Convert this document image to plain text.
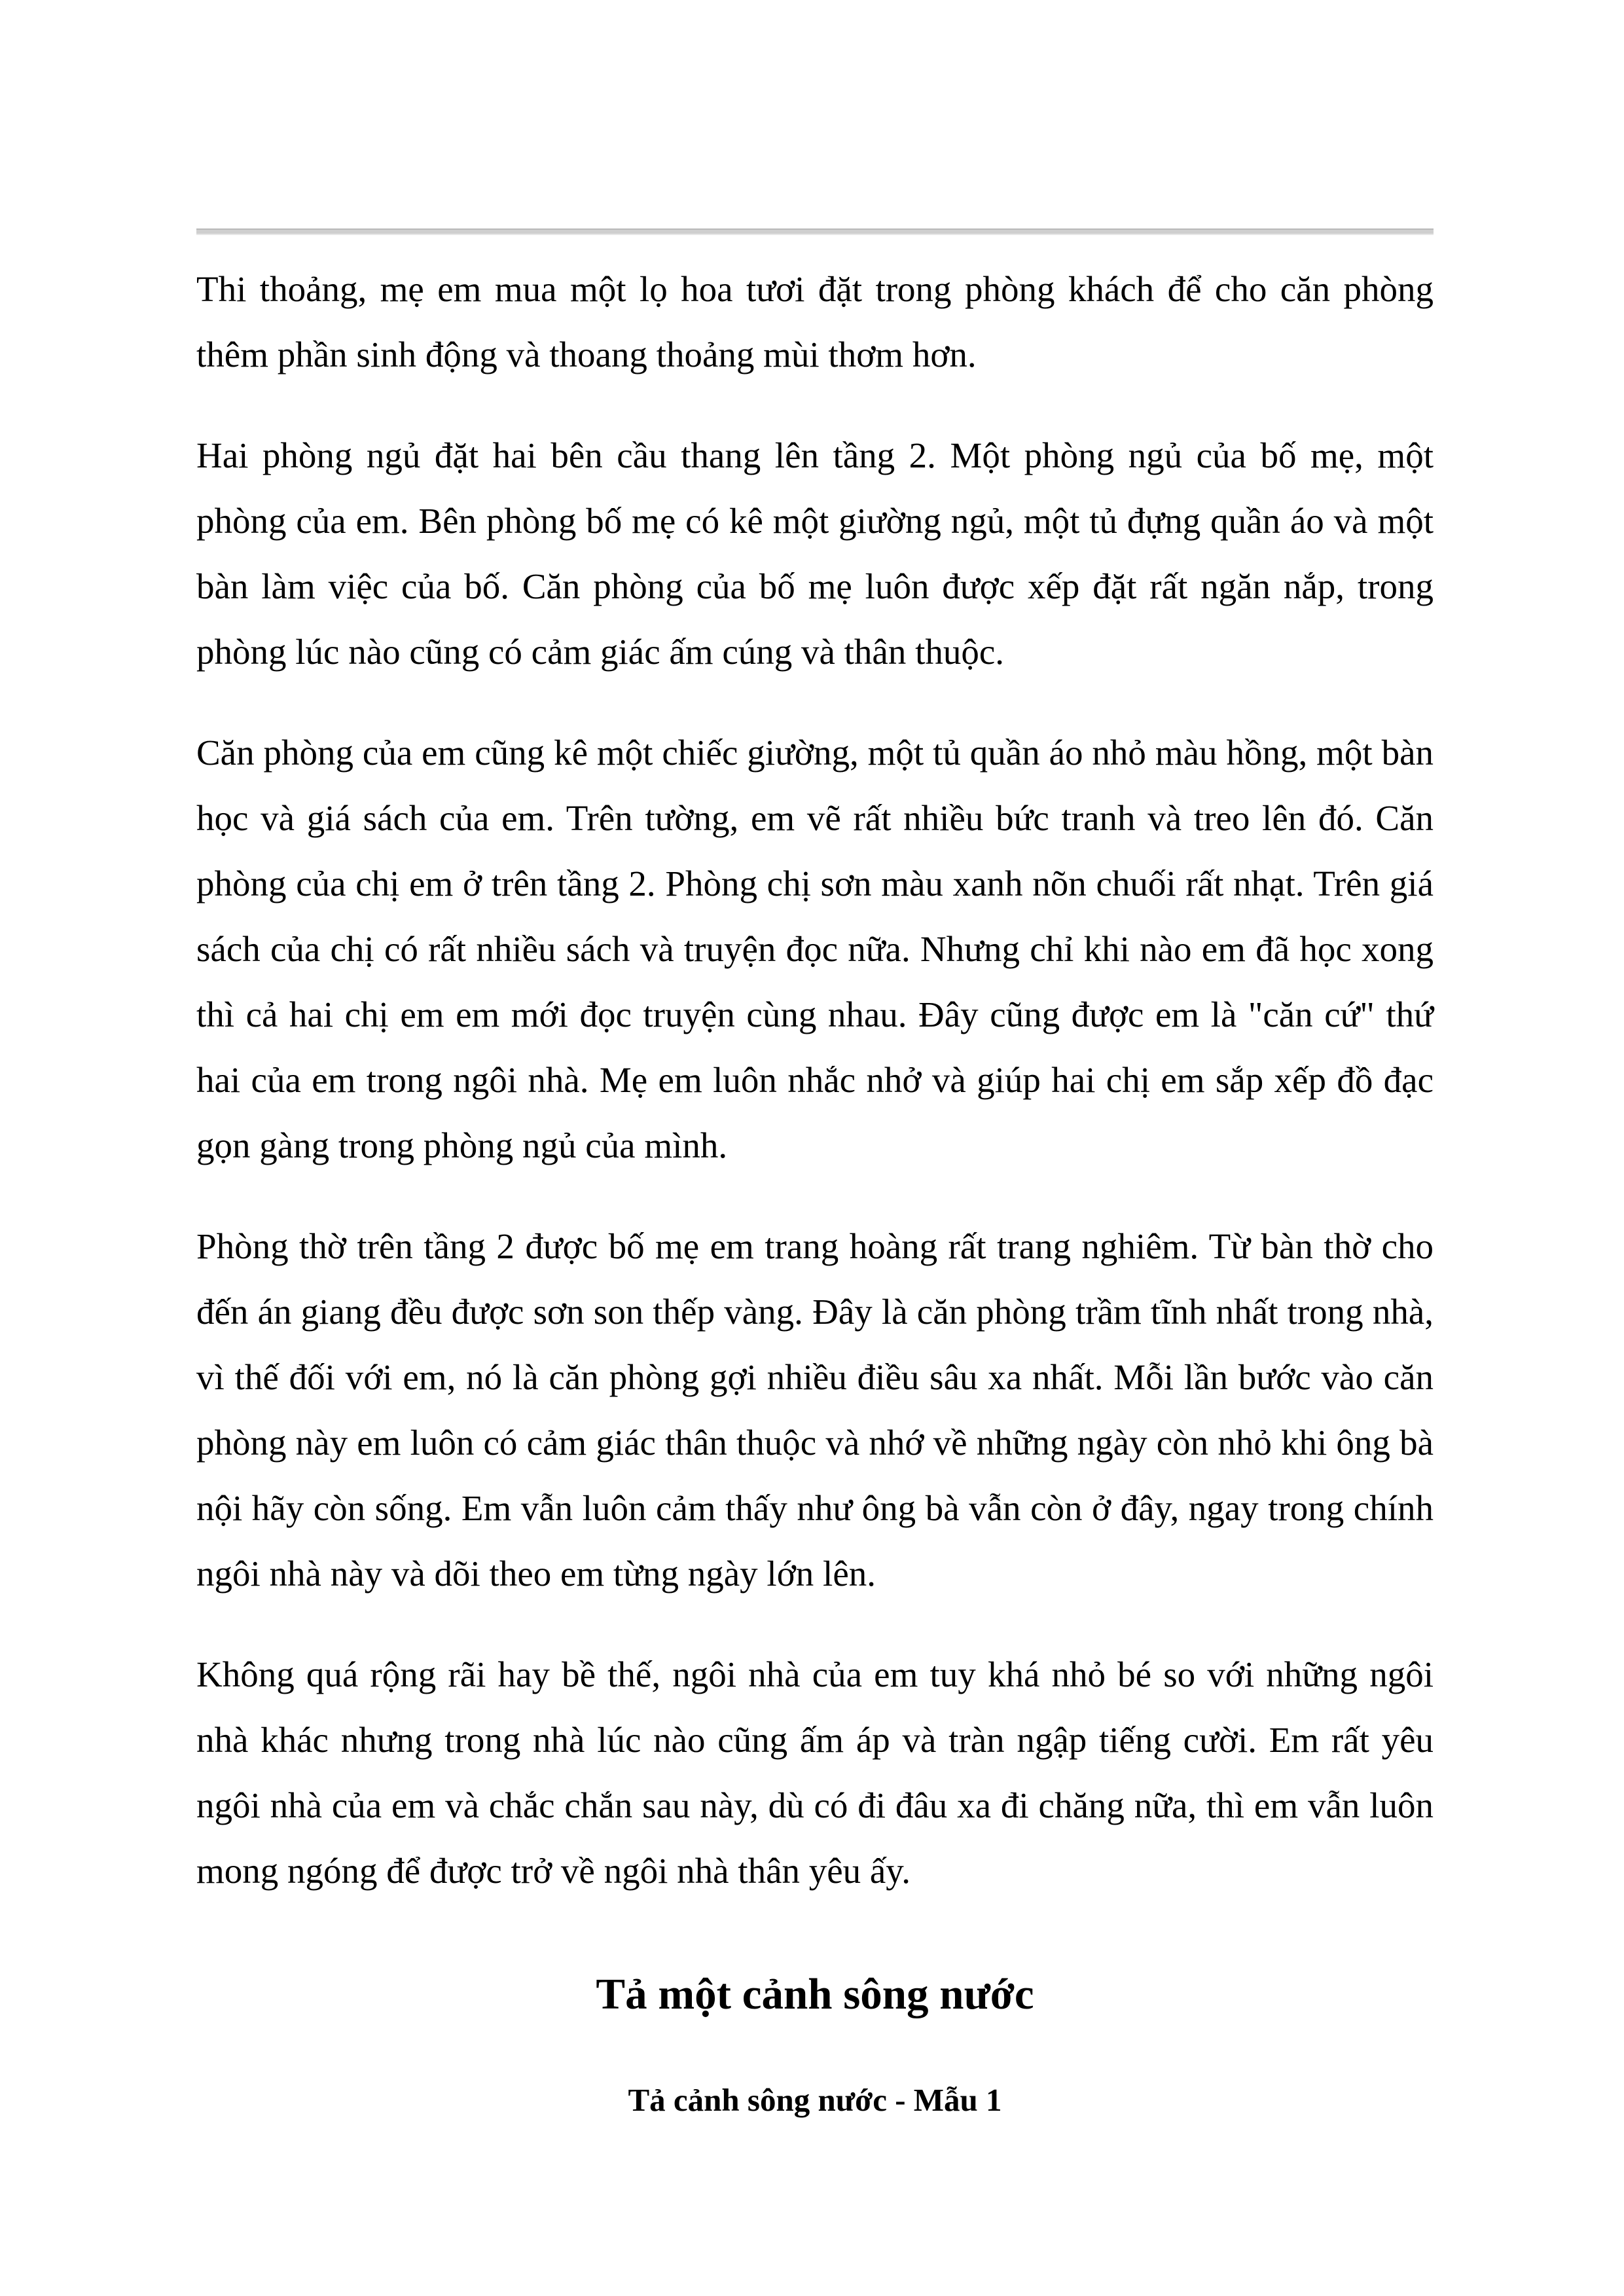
Thi thoảng, mẹ em mua một lọ hoa tươi đặt trong phòng khách để cho căn phòng thêm phần sinh động và thoang thoảng mùi thơm hơn.

Hai phòng ngủ đặt hai bên cầu thang lên tầng 2. Một phòng ngủ của bố mẹ, một phòng của em. Bên phòng bố mẹ có kê một giường ngủ, một tủ đựng quần áo và một bàn làm việc của bố. Căn phòng của bố mẹ luôn được xếp đặt rất ngăn nắp, trong phòng lúc nào cũng có cảm giác ấm cúng và thân thuộc.

Căn phòng của em cũng kê một chiếc giường, một tủ quần áo nhỏ màu hồng, một bàn học và giá sách của em. Trên tường, em vẽ rất nhiều bức tranh và treo lên đó. Căn phòng của chị em ở trên tầng 2. Phòng chị sơn màu xanh nõn chuối rất nhạt. Trên giá sách của chị có rất nhiều sách và truyện đọc nữa. Nhưng chỉ khi nào em đã học xong thì cả hai chị em em mới đọc truyện cùng nhau. Đây cũng được em là "căn cứ" thứ hai của em trong ngôi nhà. Mẹ em luôn nhắc nhở và giúp hai chị em sắp xếp đồ đạc gọn gàng trong phòng ngủ của mình.

Phòng thờ trên tầng 2 được bố mẹ em trang hoàng rất trang nghiêm. Từ bàn thờ cho đến án giang đều được sơn son thếp vàng. Đây là căn phòng trầm tĩnh nhất trong nhà, vì thế đối với em, nó là căn phòng gợi nhiều điều sâu xa nhất. Mỗi lần bước vào căn phòng này em luôn có cảm giác thân thuộc và nhớ về những ngày còn nhỏ khi ông bà nội hãy còn sống. Em vẫn luôn cảm thấy như ông bà vẫn còn ở đây, ngay trong chính ngôi nhà này và dõi theo em từng ngày lớn lên.

Không quá rộng rãi hay bề thế, ngôi nhà của em tuy khá nhỏ bé so với những ngôi nhà khác nhưng trong nhà lúc nào cũng ấm áp và tràn ngập tiếng cười. Em rất yêu ngôi nhà của em và chắc chắn sau này, dù có đi đâu xa đi chăng nữa, thì em vẫn luôn mong ngóng để được trở về ngôi nhà thân yêu ấy.

Tả một cảnh sông nước
Tả cảnh sông nước - Mẫu 1
